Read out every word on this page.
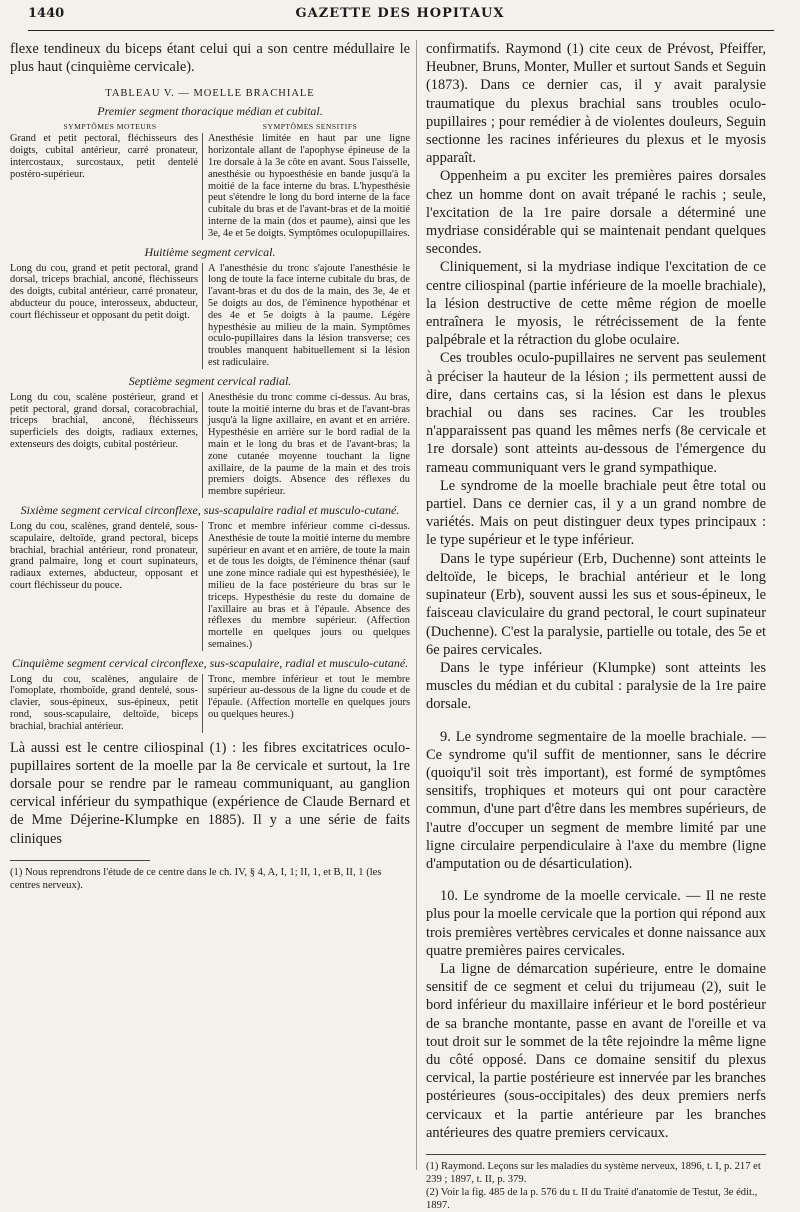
1440	GAZETTE DES HOPITAUX

flexe tendineux du biceps étant celui qui a son centre médullaire le plus haut (cinquième cervicale).

TABLEAU V. — MOELLE BRACHIALE
Premier segment thoracique médian et cubital.
SYMPTÔMES MOTEURS	SYMPTÔMES SENSITIFS

Grand et petit pectoral, fléchisseurs des doigts, cubital antérieur, carré pronateur, intercostaux, surcostaux, petit dentelé postéro-supérieur.

Anesthésie limitée en haut par une ligne horizontale allant de l'apophyse épineuse de la 1re dorsale à la 3e côte en avant. Sous l'aisselle, anesthésie ou hypoesthésie en bande jusqu'à la moitié de la face interne du bras. L'hypesthésie peut s'étendre le long du bord interne de la face cubitale du bras et de l'avant-bras et de la moitié interne de la main (dos et paume), ainsi que les 3e, 4e et 5e doigts. Symptômes oculopupillaires.

Huitième segment cervical.

Long du cou, grand et petit pectoral, grand dorsal, triceps brachial, anconé, fléchisseurs des doigts, cubital antérieur, carré pronateur, abducteur du pouce, interosseux, abducteur, court fléchisseur et opposant du petit doigt.

A l'anesthésie du tronc s'ajoute l'anesthésie le long de toute la face interne cubitale du bras, de l'avant-bras et du dos de la main, des 3e, 4e et 5e doigts au dos, de l'éminence hypothénar et des 4e et 5e doigts à la paume. Légère hypesthésie au milieu de la main. Symptômes oculo-pupillaires dans la lésion transverse; ces troubles manquent habituellement si la lésion est radiculaire.

Septième segment cervical radial.

Long du cou, scalène postérieur, grand et petit pectoral, grand dorsal, coracobrachial, triceps brachial, anconé, fléchisseurs superficiels des doigts, radiaux externes, extenseurs des doigts, cubital postérieur.

Anesthésie du tronc comme ci-dessus. Au bras, toute la moitié interne du bras et de l'avant-bras jusqu'à la ligne axillaire, en avant et en arrière. Hypesthésie en arrière sur le bord radial de la main et le long du bras et de l'avant-bras; la zone cutanée moyenne touchant la ligne axillaire, de la paume de la main et des trois premiers doigts. Absence des réflexes du membre supérieur.

Sixième segment cervical circonflexe, sus-scapulaire radial et musculo-cutané.

Long du cou, scalènes, grand dentelé, sous-scapulaire, deltoïde, grand pectoral, biceps brachial, brachial antérieur, rond pronateur, grand palmaire, long et court supinateurs, radiaux externes, abducteur, opposant et court fléchisseur du pouce.

Tronc et membre inférieur comme ci-dessus. Anesthésie de toute la moitié interne du membre supérieur en avant et en arrière, de toute la main et de tous les doigts, de l'éminence thénar (sauf une zone mince radiale qui est hypesthésiée), le milieu de la face postérieure du bras sur le triceps. Hypesthésie du reste du domaine de l'axillaire au bras et à l'épaule. Absence des réflexes du membre supérieur. (Affection mortelle en quelques jours ou quelques semaines.)

Cinquième segment cervical circonflexe, sus-scapulaire, radial et musculo-cutané.

Long du cou, scalènes, angulaire de l'omoplate, rhomboïde, grand dentelé, sous-clavier, sous-épineux, sus-épineux, petit rond, sous-scapulaire, deltoïde, biceps brachial, brachial antérieur.

Tronc, membre inférieur et tout le membre supérieur au-dessous de la ligne du coude et de l'épaule. (Affection mortelle en quelques jours ou quelques heures.)

Là aussi est le centre ciliospinal (1) : les fibres excitatrices oculo-pupillaires sortent de la moelle par la 8e cervicale et surtout, la 1re dorsale pour se rendre par le rameau communiquant, au ganglion cervical inférieur du sympathique (expérience de Claude Bernard et de Mme Déjerine-Klumpke en 1885). Il y a une série de faits cliniques

(1) Nous reprendrons l'étude de ce centre dans le ch. IV, § 4, A, I, 1; II, 1, et B, II, 1 (les centres nerveux).

confirmatifs. Raymond (1) cite ceux de Prévost, Pfeiffer, Heubner, Bruns, Monter, Muller et surtout Sands et Seguin (1873). Dans ce dernier cas, il y avait paralysie traumatique du plexus brachial sans troubles oculo-pupillaires ; pour remédier à de violentes douleurs, Seguin sectionne les racines inférieures du plexus et le myosis apparaît.

Oppenheim a pu exciter les premières paires dorsales chez un homme dont on avait trépané le rachis ; seule, l'excitation de la 1re paire dorsale a déterminé une mydriase considérable qui se maintenait pendant quelques secondes.

Cliniquement, si la mydriase indique l'excitation de ce centre ciliospinal (partie inférieure de la moelle brachiale), la lésion destructive de cette même région de moelle entraînera le myosis, le rétrécissement de la fente palpébrale et la rétraction du globe oculaire.

Ces troubles oculo-pupillaires ne servent pas seulement à préciser la hauteur de la lésion ; ils permettent aussi de dire, dans certains cas, si la lésion est dans le plexus brachial ou dans ses racines. Car les troubles n'apparaissent pas quand les mêmes nerfs (8e cervicale et 1re dorsale) sont atteints au-dessous de l'émergence du rameau communiquant vers le grand sympathique.

Le syndrome de la moelle brachiale peut être total ou partiel. Dans ce dernier cas, il y a un grand nombre de variétés. Mais on peut distinguer deux types principaux : le type supérieur et le type inférieur.

Dans le type supérieur (Erb, Duchenne) sont atteints le deltoïde, le biceps, le brachial antérieur et le long supinateur (Erb), souvent aussi les sus et sous-épineux, le faisceau claviculaire du grand pectoral, le court supinateur (Duchenne). C'est la paralysie, partielle ou totale, des 5e et 6e paires cervicales.

Dans le type inférieur (Klumpke) sont atteints les muscles du médian et du cubital : paralysie de la 1re paire dorsale.

9. Le syndrome segmentaire de la moelle brachiale. — Ce syndrome qu'il suffit de mentionner, sans le décrire (quoiqu'il soit très important), est formé de symptômes sensitifs, trophiques et moteurs qui ont pour caractère commun, d'une part d'être dans les membres supérieurs, de l'autre d'occuper un segment de membre limité par une ligne circulaire perpendiculaire à l'axe du membre (ligne d'amputation ou de désarticulation).

10. Le syndrome de la moelle cervicale. — Il ne reste plus pour la moelle cervicale que la portion qui répond aux trois premières vertèbres cervicales et donne naissance aux quatre premières paires cervicales.

La ligne de démarcation supérieure, entre le domaine sensitif de ce segment et celui du trijumeau (2), suit le bord inférieur du maxillaire inférieur et le bord postérieur de sa branche montante, passe en avant de l'oreille et va tout droit sur le sommet de la tête rejoindre la même ligne du côté opposé. Dans ce domaine sensitif du plexus cervical, la partie postérieure est innervée par les branches postérieures (sous-occipitales) des deux premiers nerfs cervicaux et la partie antérieure par les branches antérieures des quatre premiers cervicaux.

(1) Raymond. Leçons sur les maladies du système nerveux, 1896, t. I, p. 217 et 239 ; 1897, t. II, p. 379.

(2) Voir la fig. 485 de la p. 576 du t. II du Traité d'anatomie de Testut, 3e édit., 1897.
